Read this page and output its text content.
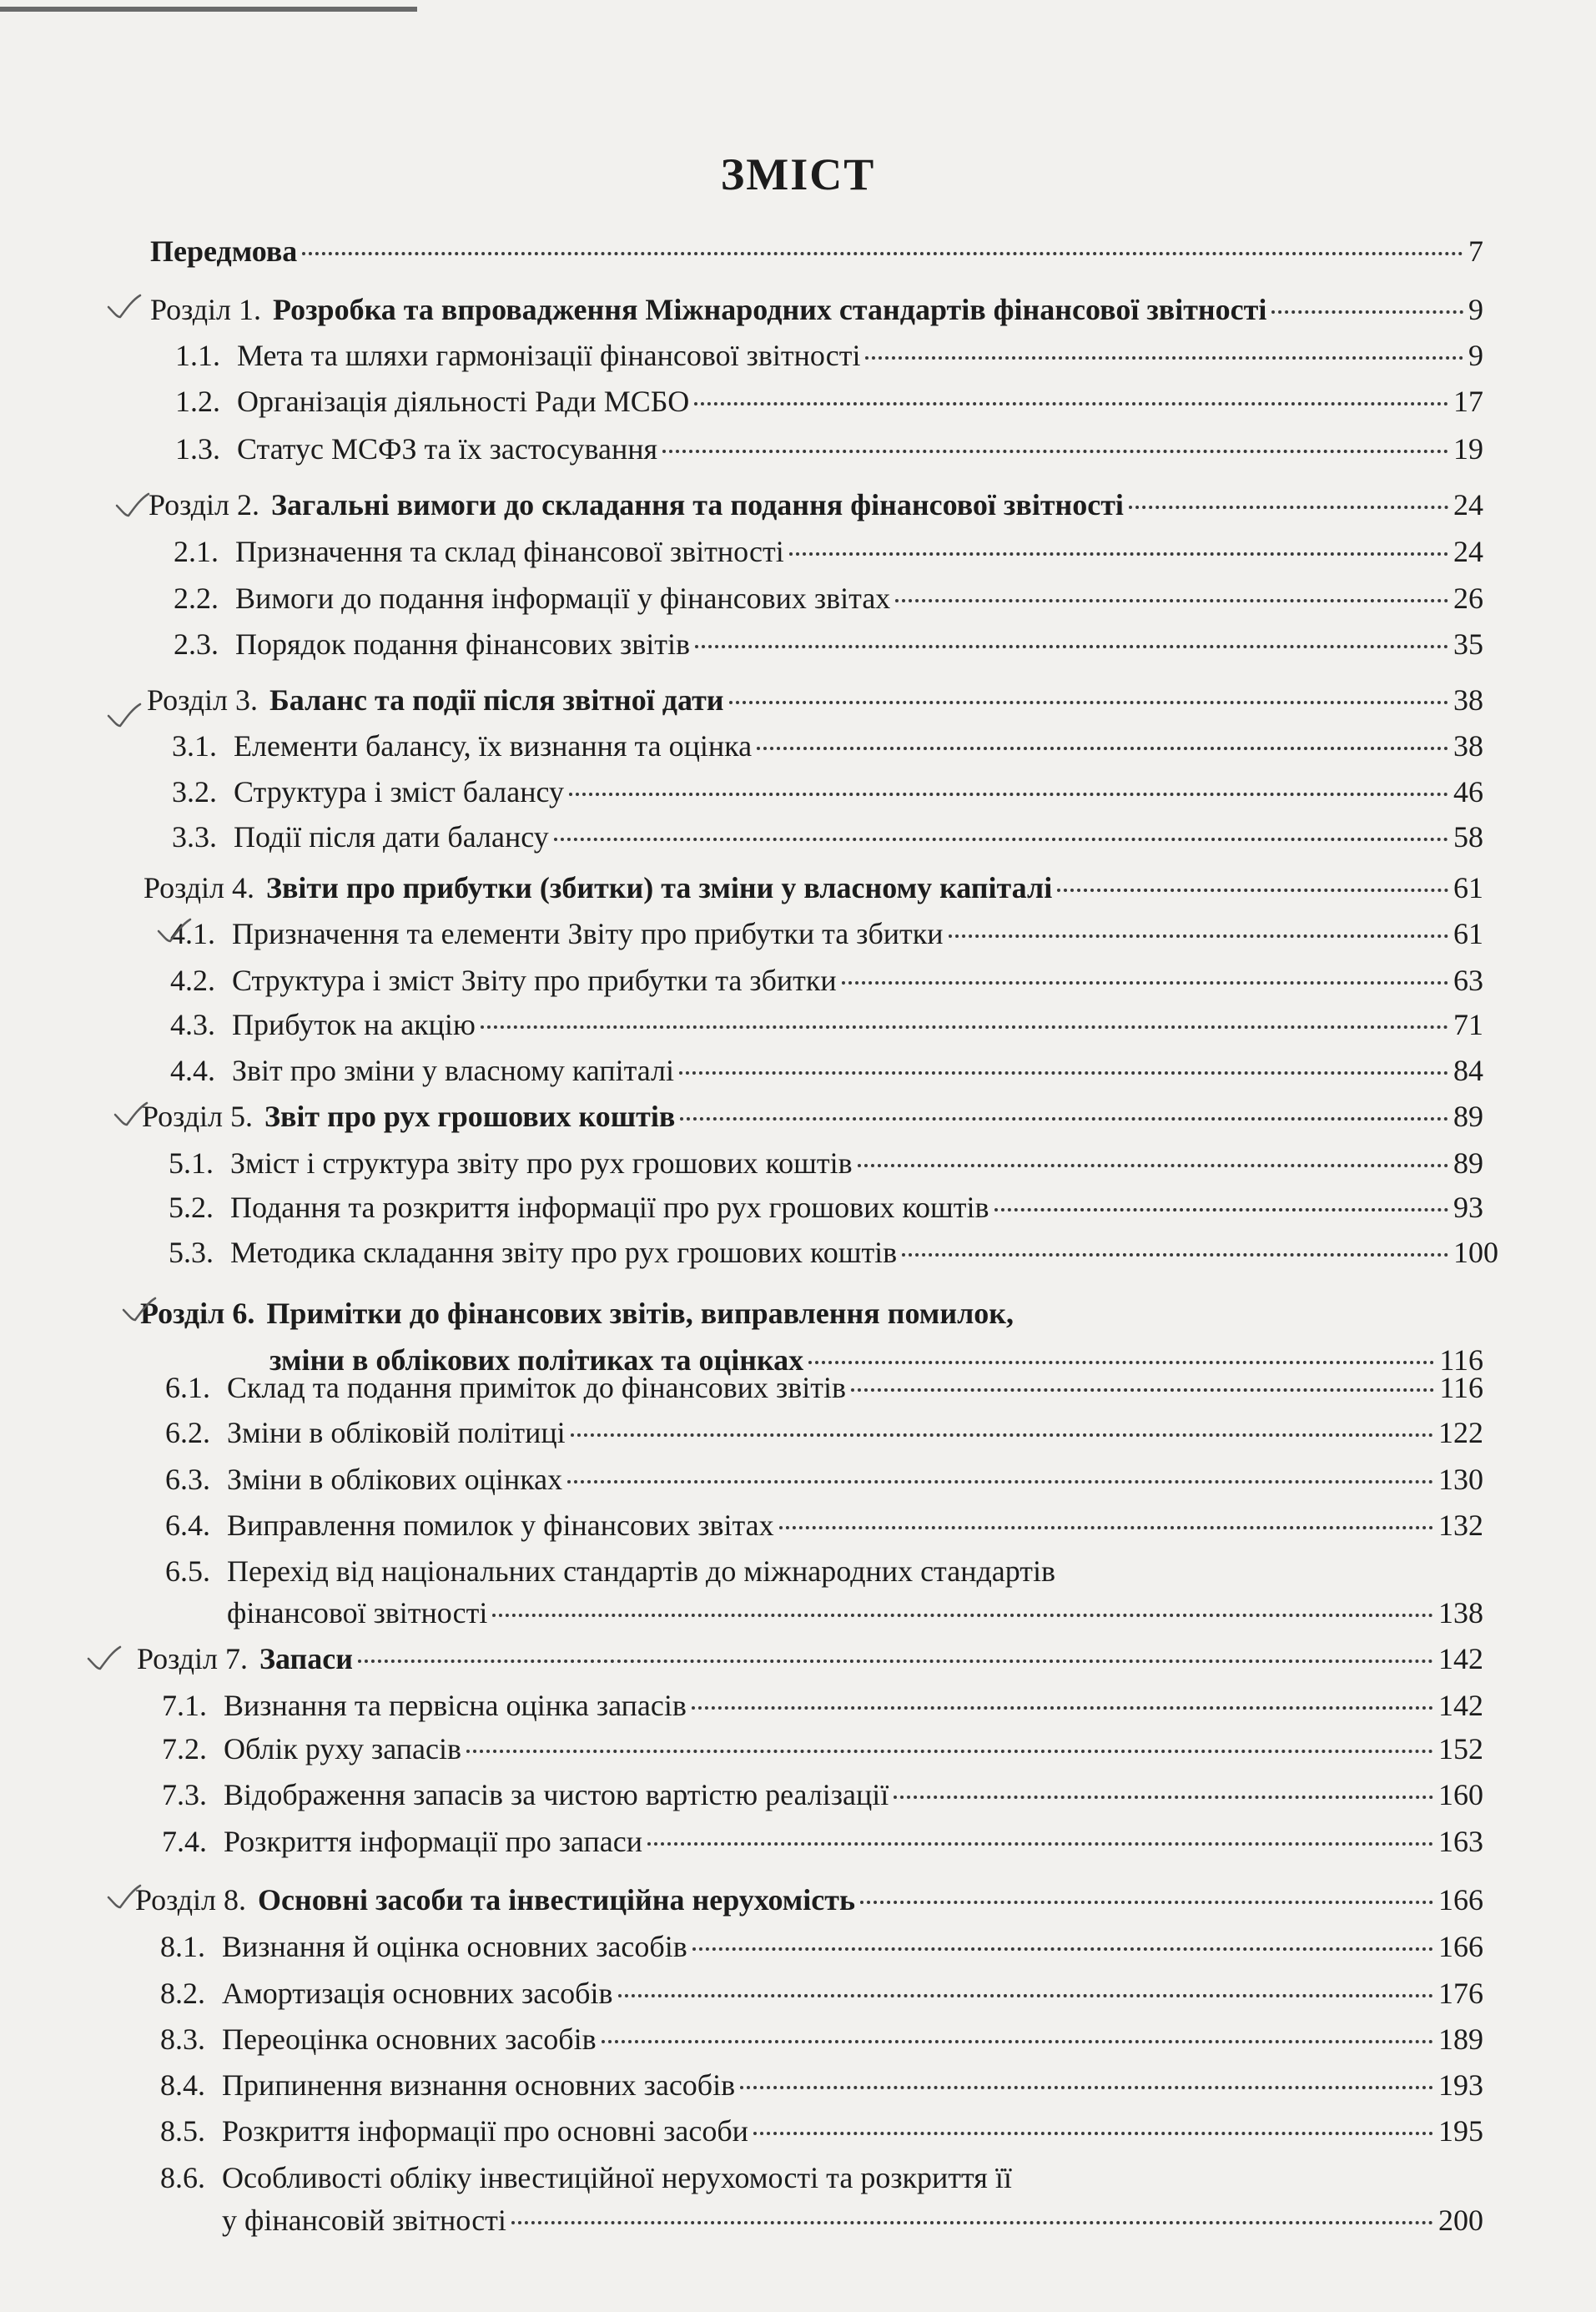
ЗМІСТ
Передмова	7
Розділ 1. Розробка та впровадження Міжнародних стандартів фінансової звітності	9
1.1. Мета та шляхи гармонізації фінансової звітності	9
1.2. Організація діяльності Ради МСБО	17
1.3. Статус МСФЗ та їх застосування	19
Розділ 2. Загальні вимоги до складання та подання фінансової звітності	24
2.1. Призначення та склад фінансової звітності	24
2.2. Вимоги до подання інформації у фінансових звітах	26
2.3. Порядок подання фінансових звітів	35
Розділ 3. Баланс та події після звітної дати	38
3.1. Елементи балансу, їх визнання та оцінка	38
3.2. Структура і зміст балансу	46
3.3. Події після дати балансу	58
Розділ 4. Звіти про прибутки (збитки) та зміни у власному капіталі	61
4.1. Призначення та елементи Звіту про прибутки та збитки	61
4.2. Структура і зміст Звіту про прибутки та збитки	63
4.3. Прибуток на акцію	71
4.4. Звіт про зміни у власному капіталі	84
Розділ 5. Звіт про рух грошових коштів	89
5.1. Зміст і структура звіту про рух грошових коштів	89
5.2. Подання та розкриття інформації про рух грошових коштів	93
5.3. Методика складання звіту про рух грошових коштів	100
Розділ 6. Примітки до фінансових звітів, виправлення помилок,
зміни в облікових політиках та оцінках	116
6.1. Склад та подання приміток до фінансових звітів	116
6.2. Зміни в обліковій політиці	122
6.3. Зміни в облікових оцінках	130
6.4. Виправлення помилок у фінансових звітах	132
6.5. Перехід від національних стандартів до міжнародних стандартів
фінансової звітності	138
Розділ 7. Запаси	142
7.1. Визнання та первісна оцінка запасів	142
7.2. Облік руху запасів	152
7.3. Відображення запасів за чистою вартістю реалізації	160
7.4. Розкриття інформації про запаси	163
Розділ 8. Основні засоби та інвестиційна нерухомість	166
8.1. Визнання й оцінка основних засобів	166
8.2. Амортизація основних засобів	176
8.3. Переоцінка основних засобів	189
8.4. Припинення визнання основних засобів	193
8.5. Розкриття інформації про основні засоби	195
8.6. Особливості обліку інвестиційної нерухомості та розкриття її
у фінансовій звітності	200
